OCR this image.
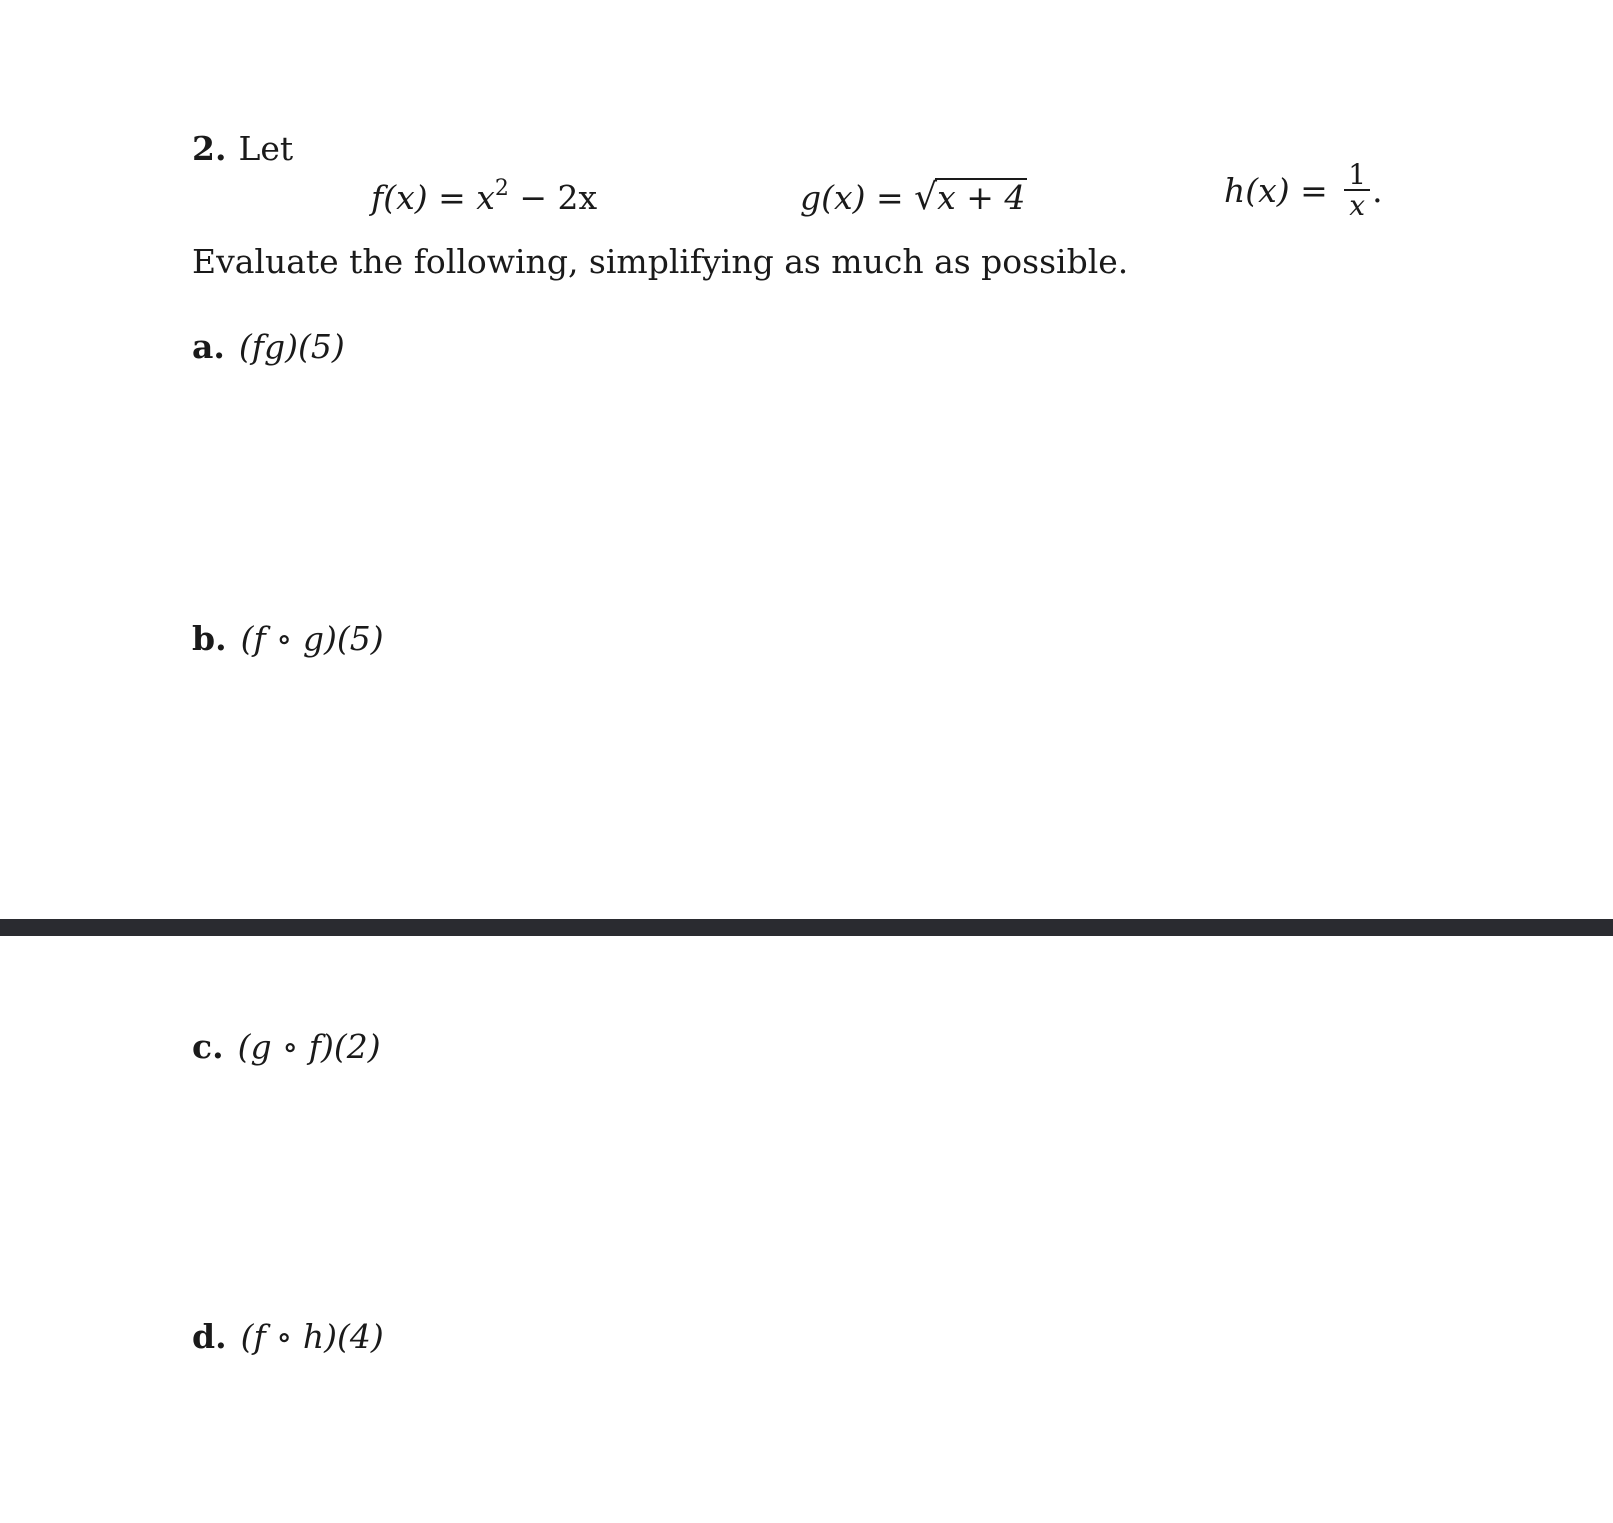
2. Let
$f(x) = x^2 - 2x$	g(x) = √x + 4	$h(x) = \frac{1}{x}$ .
Evaluate the following, simplifying as much as possible.
a. (fg)(5)
b. (f ∘ g)(5)
c. (g ∘ f)(2)
d. (f ∘ h)(4)
